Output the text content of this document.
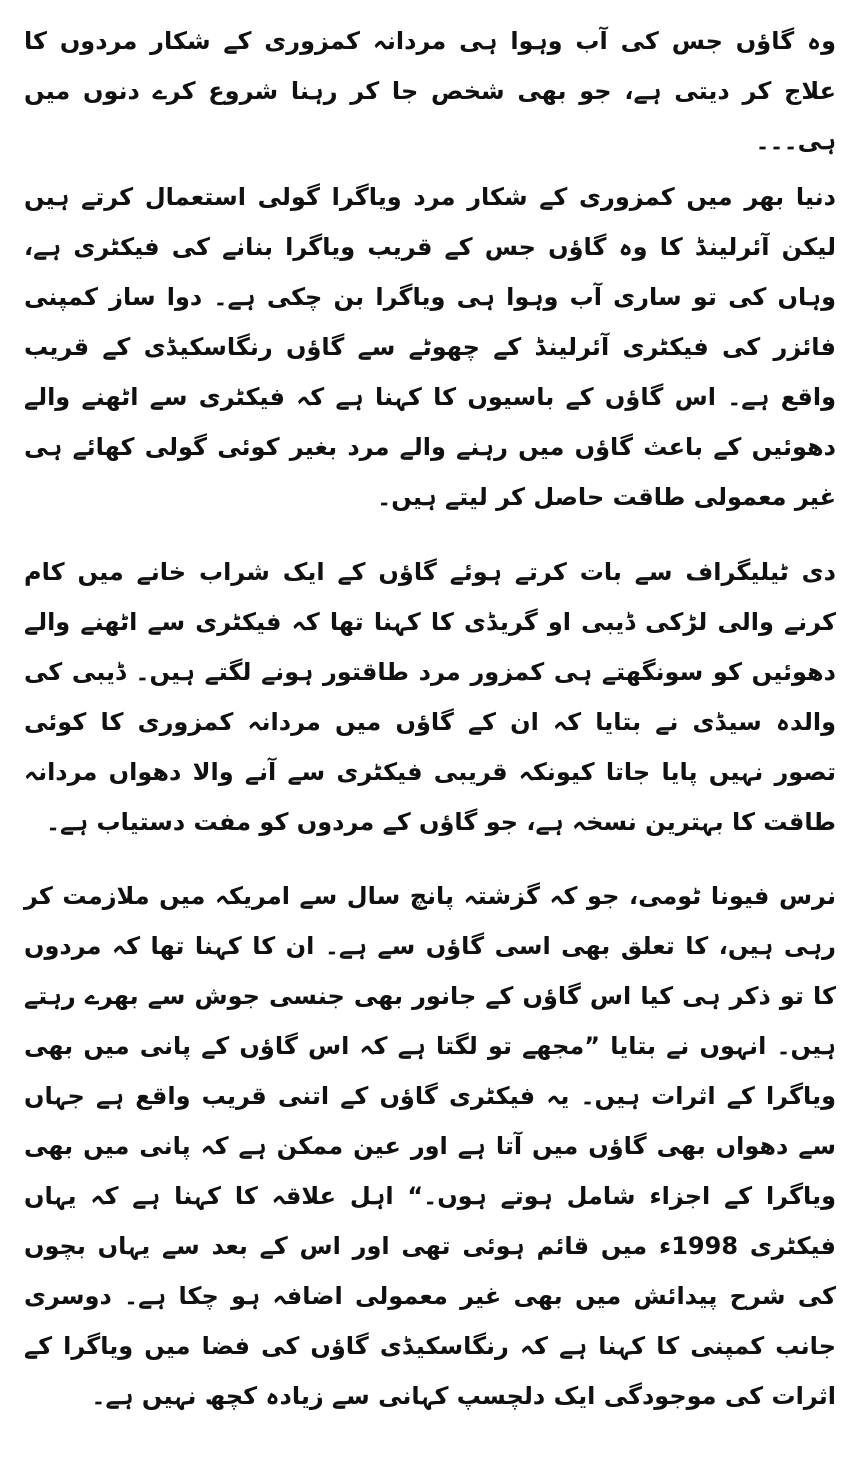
وہ گاؤں جس کی آب وہوا ہی مردانہ کمزوری کے شکار مردوں کا علاج کر دیتی ہے، جو بھی شخص جا کر رہنا شروع کرے دنوں میں ہی۔۔۔

دنیا بھر میں کمزوری کے شکار مرد ویاگرا گولی استعمال کرتے ہیں لیکن آئرلینڈ کا وہ گاؤں جس کے قریب ویاگرا بنانے کی فیکٹری ہے، وہاں کی تو ساری آب وہوا ہی ویاگرا بن چکی ہے۔ دوا ساز کمپنی فائزر کی فیکٹری آئرلینڈ کے چھوٹے سے گاؤں رنگاسکیڈی کے قریب واقع ہے۔ اس گاؤں کے باسیوں کا کہنا ہے کہ فیکٹری سے اٹھنے والے دھوئیں کے باعث گاؤں میں رہنے والے مرد بغیر کوئی گولی کھائے ہی غیر معمولی طاقت حاصل کر لیتے ہیں۔

دی ٹیلیگراف سے بات کرتے ہوئے گاؤں کے ایک شراب خانے میں کام کرنے والی لڑکی ڈیبی او گریڈی کا کہنا تھا کہ فیکٹری سے اٹھنے والے دھوئیں کو سونگھتے ہی کمزور مرد طاقتور ہونے لگتے ہیں۔ ڈیبی کی والدہ سیڈی نے بتایا کہ ان کے گاؤں میں مردانہ کمزوری کا کوئی تصور نہیں پایا جاتا کیونکہ قریبی فیکٹری سے آنے والا دھواں مردانہ طاقت کا بہترین نسخہ ہے، جو گاؤں کے مردوں کو مفت دستیاب ہے۔

نرس فیونا ٹومی، جو کہ گزشتہ پانچ سال سے امریکہ میں ملازمت کر رہی ہیں، کا تعلق بھی اسی گاؤں سے ہے۔ ان کا کہنا تھا کہ مردوں کا تو ذکر ہی کیا اس گاؤں کے جانور بھی جنسی جوش سے بھرے رہتے ہیں۔ انہوں نے بتایا ”مجھے تو لگتا ہے کہ اس گاؤں کے پانی میں بھی ویاگرا کے اثرات ہیں۔ یہ فیکٹری گاؤں کے اتنی قریب واقع ہے جہاں سے دھواں بھی گاؤں میں آتا ہے اور عین ممکن ہے کہ پانی میں بھی ویاگرا کے اجزاء شامل ہوتے ہوں۔“ اہل علاقہ کا کہنا ہے کہ یہاں فیکٹری 1998ء میں قائم ہوئی تھی اور اس کے بعد سے یہاں بچوں کی شرح پیدائش میں بھی غیر معمولی اضافہ ہو چکا ہے۔ دوسری جانب کمپنی کا کہنا ہے کہ رنگاسکیڈی گاؤں کی فضا میں ویاگرا کے اثرات کی موجودگی ایک دلچسپ کہانی سے زیادہ کچھ نہیں ہے۔
